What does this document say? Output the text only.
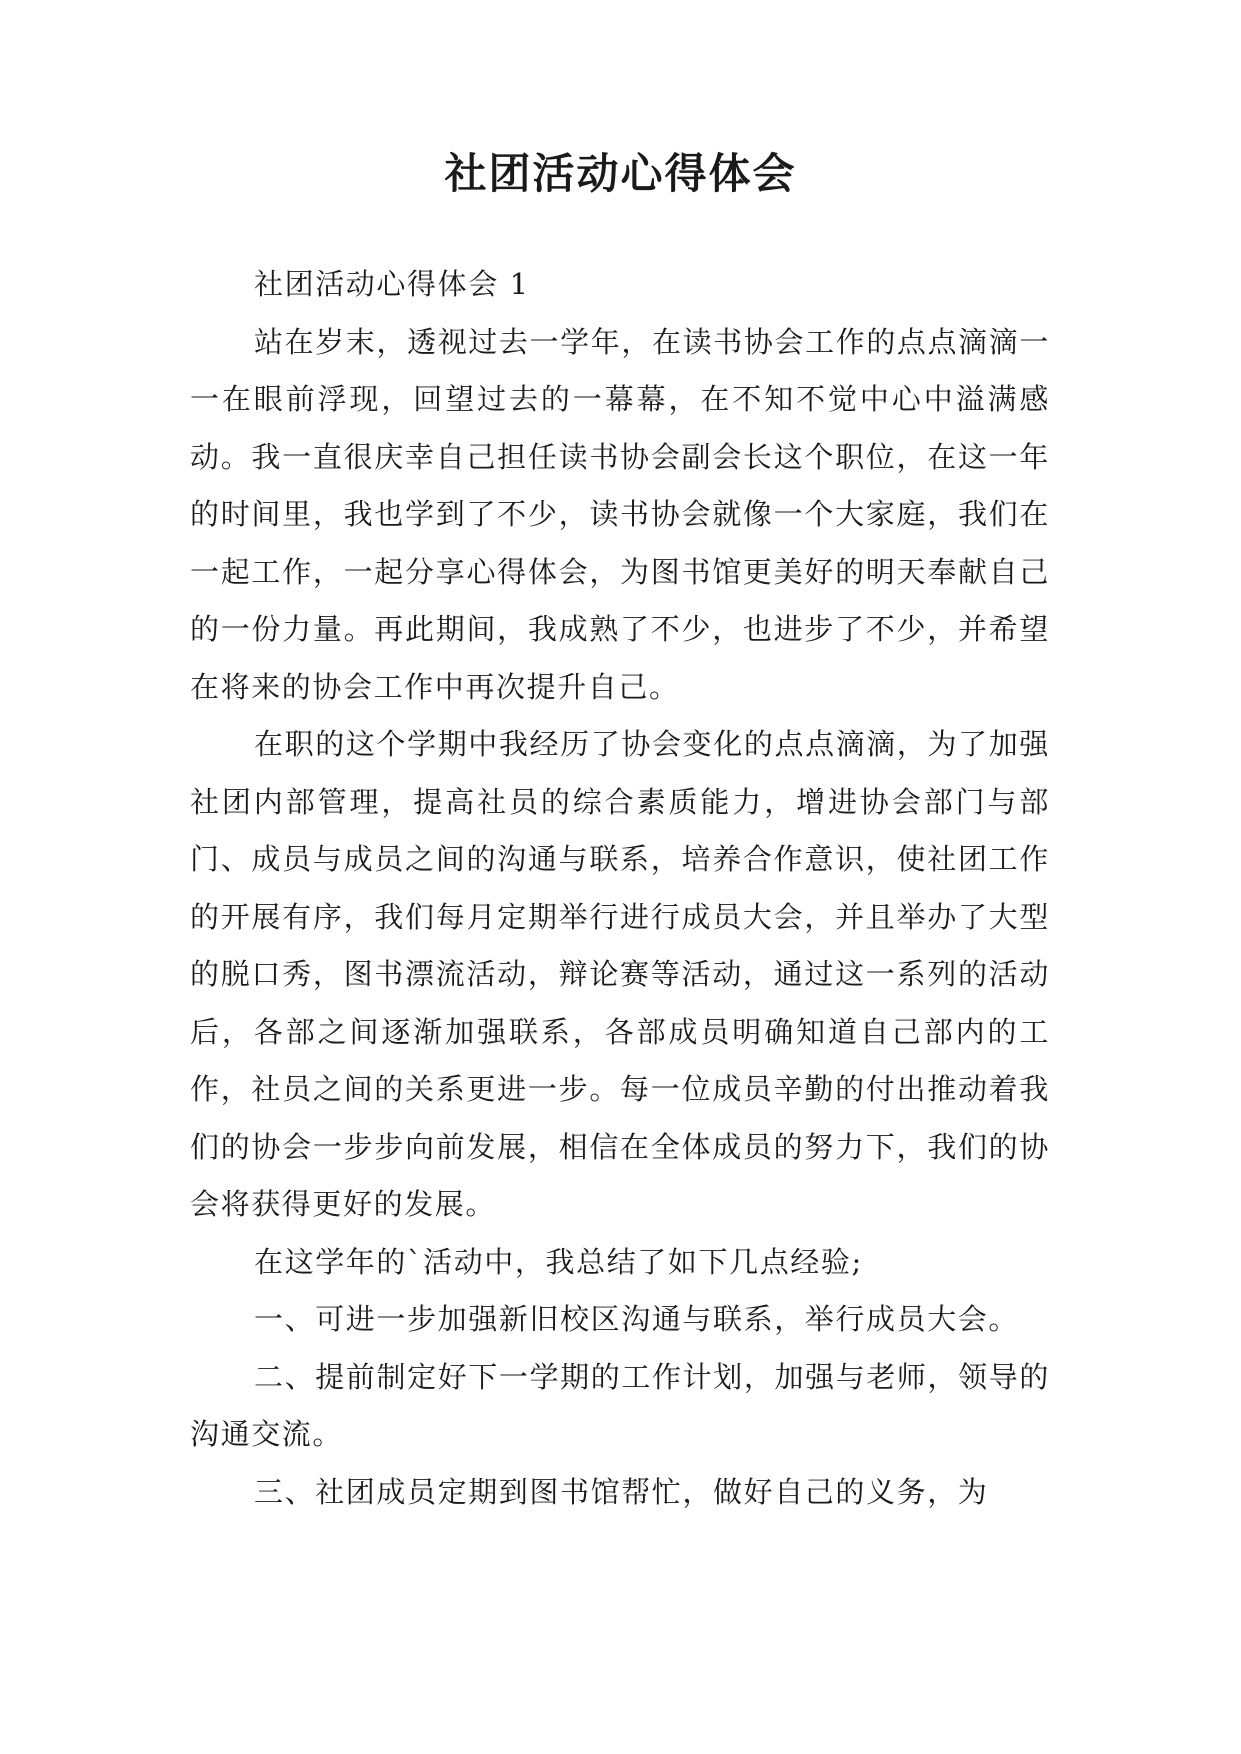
社团活动心得体会

社团活动心得体会 1

站在岁末，透视过去一学年，在读书协会工作的点点滴滴一一在眼前浮现，回望过去的一幕幕，在不知不觉中心中溢满感动。我一直很庆幸自己担任读书协会副会长这个职位，在这一年的时间里，我也学到了不少，读书协会就像一个大家庭，我们在一起工作，一起分享心得体会，为图书馆更美好的明天奉献自己的一份力量。再此期间，我成熟了不少，也进步了不少，并希望在将来的协会工作中再次提升自己。

在职的这个学期中我经历了协会变化的点点滴滴，为了加强社团内部管理，提高社员的综合素质能力，增进协会部门与部门、成员与成员之间的沟通与联系，培养合作意识，使社团工作的开展有序，我们每月定期举行进行成员大会，并且举办了大型的脱口秀，图书漂流活动，辩论赛等活动，通过这一系列的活动后，各部之间逐渐加强联系，各部成员明确知道自己部内的工作，社员之间的关系更进一步。每一位成员辛勤的付出推动着我们的协会一步步向前发展，相信在全体成员的努力下，我们的协会将获得更好的发展。

在这学年的`活动中，我总结了如下几点经验;

一、可进一步加强新旧校区沟通与联系，举行成员大会。

二、提前制定好下一学期的工作计划，加强与老师，领导的沟通交流。

三、社团成员定期到图书馆帮忙，做好自己的义务，为
